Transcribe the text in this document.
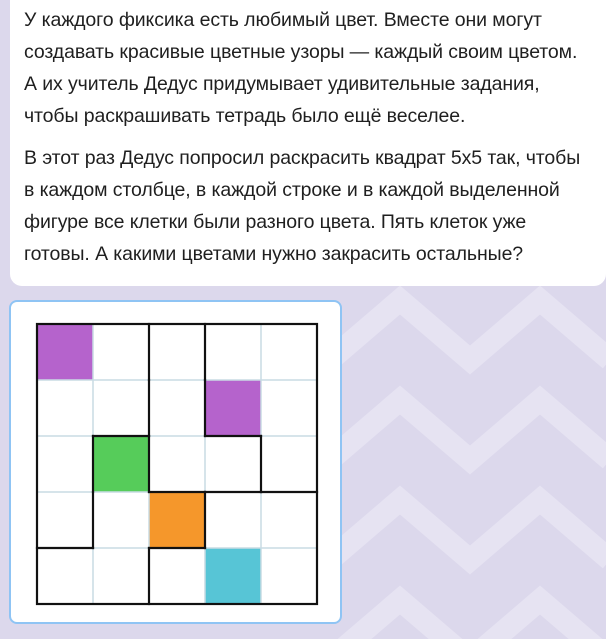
У каждого фиксика есть любимый цвет. Вместе они могут
создавать красивые цветные узоры — каждый своим цветом.
А их учитель Дедус придумывает удивительные задания,
чтобы раскрашивать тетрадь было ещё веселее.

В этот раз Дедус попросил раскрасить квадрат 5x5 так, чтобы
в каждом столбце, в каждой строке и в каждой выделенной
фигуре все клетки были разного цвета. Пять клеток уже
готовы. А какими цветами нужно закрасить остальные?
